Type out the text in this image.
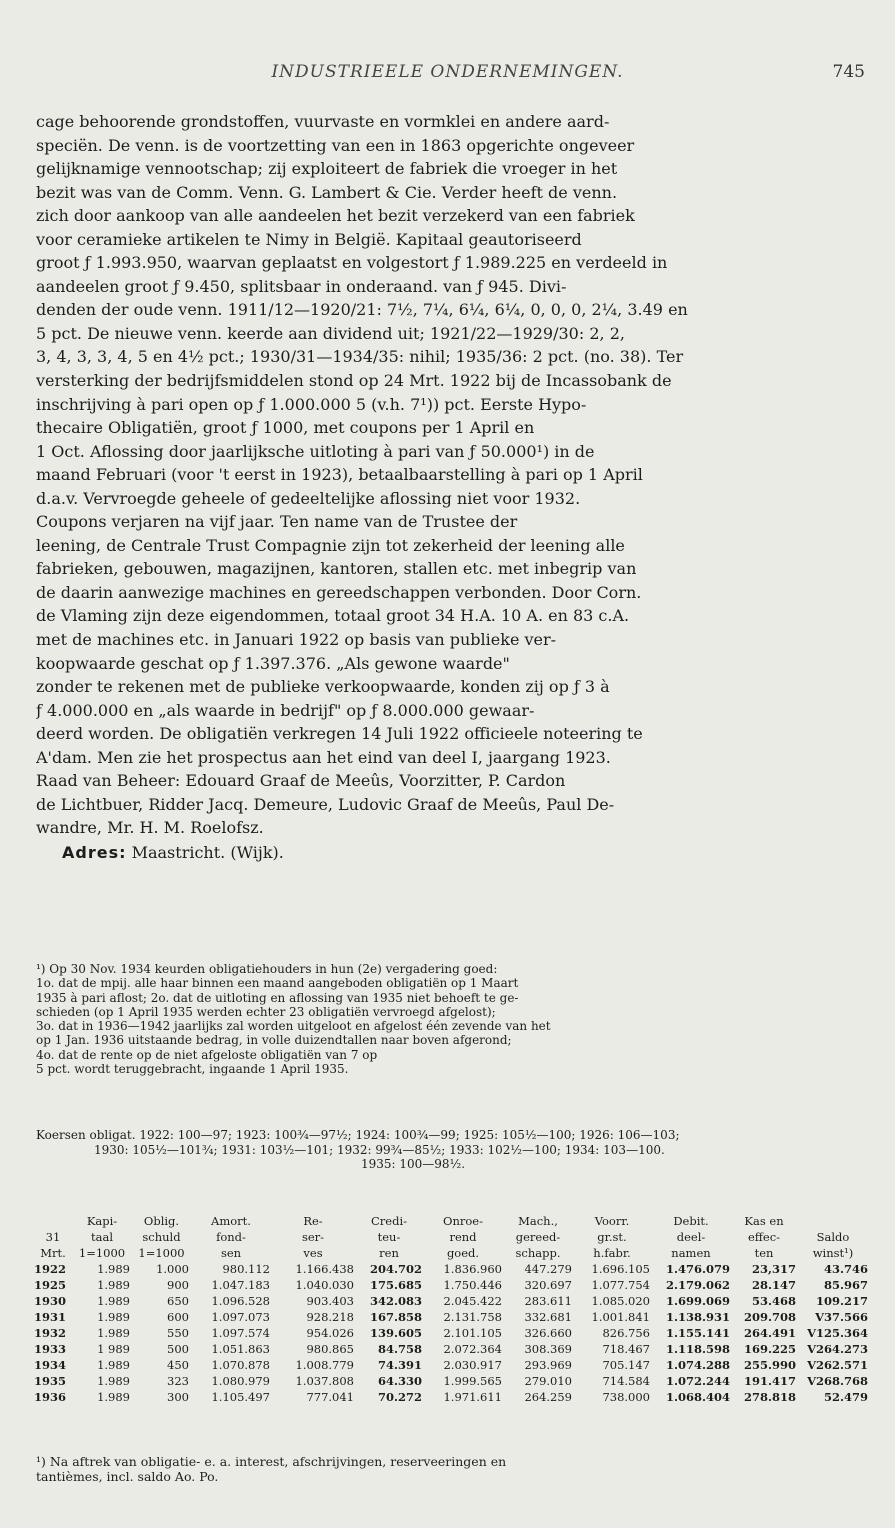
INDUSTRIEELE ONDERNEMINGEN.	745
cage behoorende grondstoffen, vuurvaste en vormklei en andere aard-
speciën. De venn. is de voortzetting van een in 1863 opgerichte ongeveer
gelijknamige vennootschap; zij exploiteert de fabriek die vroeger in het
bezit was van de Comm. Venn. G. Lambert & Cie. Verder heeft de venn.
zich door aankoop van alle aandeelen het bezit verzekerd van een fabriek
voor ceramieke artikelen te Nimy in België. Kapitaal geautoriseerd
groot ƒ 1.993.950, waarvan geplaatst en volgestort ƒ 1.989.225 en verdeeld in
aandeelen groot ƒ 9.450, splitsbaar in onderaand. van ƒ 945. Divi-
denden der oude venn. 1911/12—1920/21: 7½, 7¼, 6¼, 6¼, 0, 0, 0, 2¼, 3.49 en
5 pct. De nieuwe venn. keerde aan dividend uit; 1921/22—1929/30: 2, 2,
3, 4, 3, 3, 4, 5 en 4½ pct.; 1930/31—1934/35: nihil; 1935/36: 2 pct. (no. 38). Ter
versterking der bedrijfsmiddelen stond op 24 Mrt. 1922 bij de Incassobank de
inschrijving à pari open op ƒ 1.000.000 5 (v.h. 7¹)) pct. Eerste Hypo-
thecaire Obligatiën, groot ƒ 1000, met coupons per 1 April en
1 Oct. Aflossing door jaarlijksche uitloting à pari van ƒ 50.000¹) in de
maand Februari (voor 't eerst in 1923), betaalbaarstelling à pari op 1 April
d.a.v. Vervroegde geheele of gedeeltelijke aflossing niet voor 1932.
Coupons verjaren na vijf jaar. Ten name van de Trustee der
leening, de Centrale Trust Compagnie zijn tot zekerheid der leening alle
fabrieken, gebouwen, magazijnen, kantoren, stallen etc. met inbegrip van
de daarin aanwezige machines en gereedschappen verbonden. Door Corn.
de Vlaming zijn deze eigendommen, totaal groot 34 H.A. 10 A. en 83 c.A.
met de machines etc. in Januari 1922 op basis van publieke ver-
koopwaarde geschat op ƒ 1.397.376. „Als gewone waarde"
zonder te rekenen met de publieke verkoopwaarde, konden zij op ƒ 3 à
ƒ 4.000.000 en „als waarde in bedrijf" op ƒ 8.000.000 gewaar-
deerd worden. De obligatiën verkregen 14 Juli 1922 officieele noteering te
A'dam. Men zie het prospectus aan het eind van deel I, jaargang 1923.
Raad van Beheer: Edouard Graaf de Meeûs, Voorzitter, P. Cardon
de Lichtbuer, Ridder Jacq. Demeure, Ludovic Graaf de Meeûs, Paul De-
wandre, Mr. H. M. Roelofsz.
Adres: Maastricht. (Wijk).
¹) Op 30 Nov. 1934 keurden obligatiehouders in hun (2e) vergadering goed:
1o. dat de mpij. alle haar binnen een maand aangeboden obligatiën op 1 Maart
1935 à pari aflost; 2o. dat de uitloting en aflossing van 1935 niet behoeft te ge-
schieden (op 1 April 1935 werden echter 23 obligatiën vervroegd afgelost);
3o. dat in 1936—1942 jaarlijks zal worden uitgeloot en afgelost één zevende van het
op 1 Jan. 1936 uitstaande bedrag, in volle duizendtallen naar boven afgerond;
4o. dat de rente op de niet afgeloste obligatiën van 7 op
5 pct. wordt teruggebracht, ingaande 1 April 1935.
Koersen obligat. 1922: 100—97; 1923: 100¾—97½; 1924: 100¾—99; 1925: 105½—100; 1926: 106—103;
1930: 105½—101¾; 1931: 103½—101; 1932: 99¾—85½; 1933: 102½—100; 1934: 103—100.
1935: 100—98½.
Kapi-	Oblig.	Amort.	Re-	Credi-	Onroe-	Mach.,	Voorr.	Debit.	Kas en
31	taal	schuld	fond-	ser-	teu-	rend	gereed-	gr.st.	deel-	effec-	Saldo
Mrt.	1=1000	1=1000	sen	ves	ren	goed.	schapp.	h.fabr.	namen	ten	winst¹)
1922	1.989	1.000	980.112	1.166.438	204.702	1.836.960	447.279	1.696.105	1.476.079	23,317	43.746
1925	1.989	900	1.047.183	1.040.030	175.685	1.750.446	320.697	1.077.754	2.179.062	28.147	85.967
1930	1.989	650	1.096.528	903.403	342.083	2.045.422	283.611	1.085.020	1.699.069	53.468	109.217
1931	1.989	600	1.097.073	928.218	167.858	2.131.758	332.681	1.001.841	1.138.931	209.708	V37.566
1932	1.989	550	1.097.574	954.026	139.605	2.101.105	326.660	826.756	1.155.141	264.491 V125.364
1933	1 989	500	1.051.863	980.865	84.758	2.072.364	308.369	718.467	1.118.598	169.225 V264.273
1934	1.989	450	1.070.878	1.008.779	74.391	2.030.917	293.969	705.147	1.074.288	255.990 V262.571
1935	1.989	323	1.080.979	1.037.808	64.330	1.999.565	279.010	714.584	1.072.244	191.417 V268.768
1936	1.989	300	1.105.497	777.041	70.272	1.971.611	264.259	738.000	1.068.404	278.818	52.479
¹) Na aftrek van obligatie- e. a. interest, afschrijvingen, reserveeringen en
tantièmes, incl. saldo Ao. Po.
